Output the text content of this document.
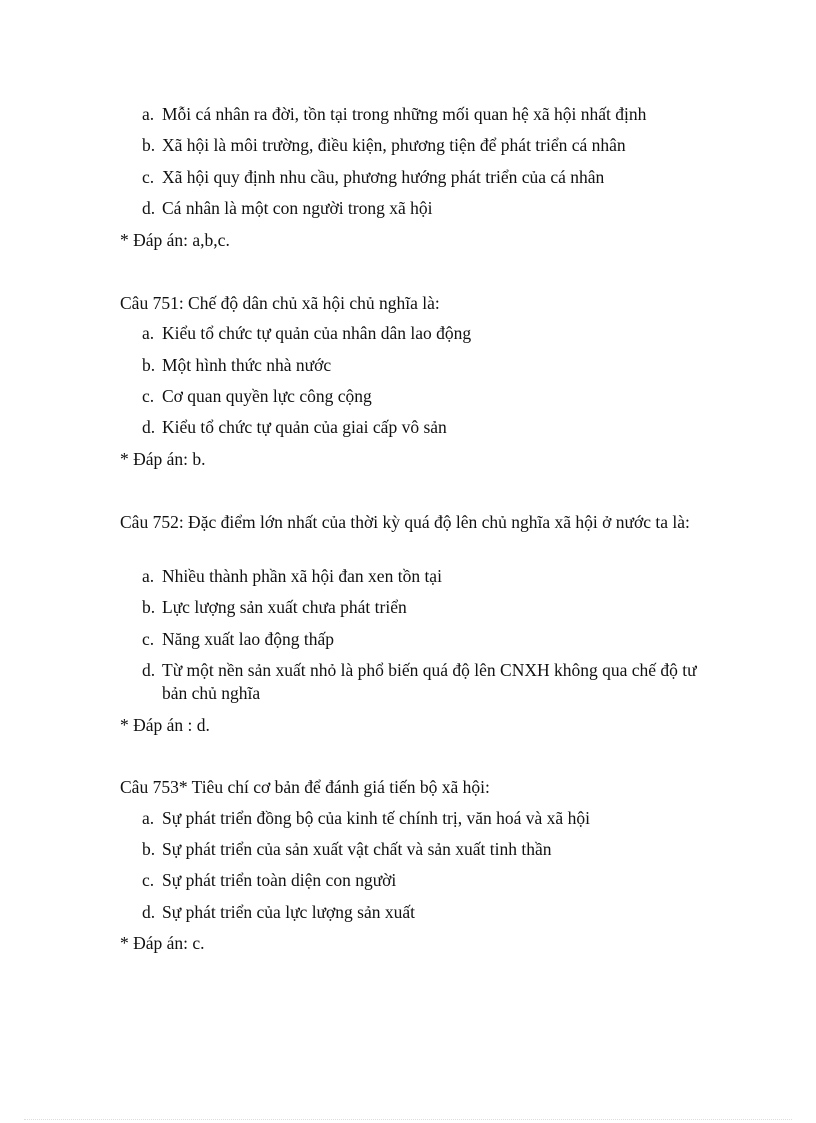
a. Mỗi cá nhân ra đời, tồn tại trong những mối quan hệ xã hội nhất định
b. Xã hội là môi trường, điều kiện, phương tiện để phát triển cá nhân
c. Xã hội quy định nhu cầu, phương hướng phát triển của cá nhân
d. Cá nhân là một con người trong xã hội
* Đáp án: a,b,c.

Câu 751: Chế độ dân chủ xã hội chủ nghĩa là:

a. Kiểu tổ chức tự quản của nhân dân lao động
b. Một hình thức nhà nước
c. Cơ quan quyền lực công cộng
d. Kiểu tổ chức tự quản của giai cấp vô sản
* Đáp án: b.

Câu 752: Đặc điểm lớn nhất của thời kỳ quá độ lên chủ nghĩa xã hội ở nước ta là:

a. Nhiều thành phần xã hội đan xen tồn tại
b. Lực lượng sản xuất chưa phát triển
c. Năng xuất lao động thấp
d. Từ một nền sản xuất nhỏ là phổ biến quá độ lên CNXH không qua chế độ tư bản chủ nghĩa
* Đáp án : d.

Câu 753* Tiêu chí cơ bản để đánh giá tiến bộ xã hội:

a. Sự phát triển đồng bộ của kinh tế chính trị, văn hoá và xã hội
b. Sự phát triển của sản xuất vật chất và sản xuất tinh thần
c. Sự phát triển toàn diện con người
d. Sự phát triển của lực lượng sản xuất
* Đáp án: c.
